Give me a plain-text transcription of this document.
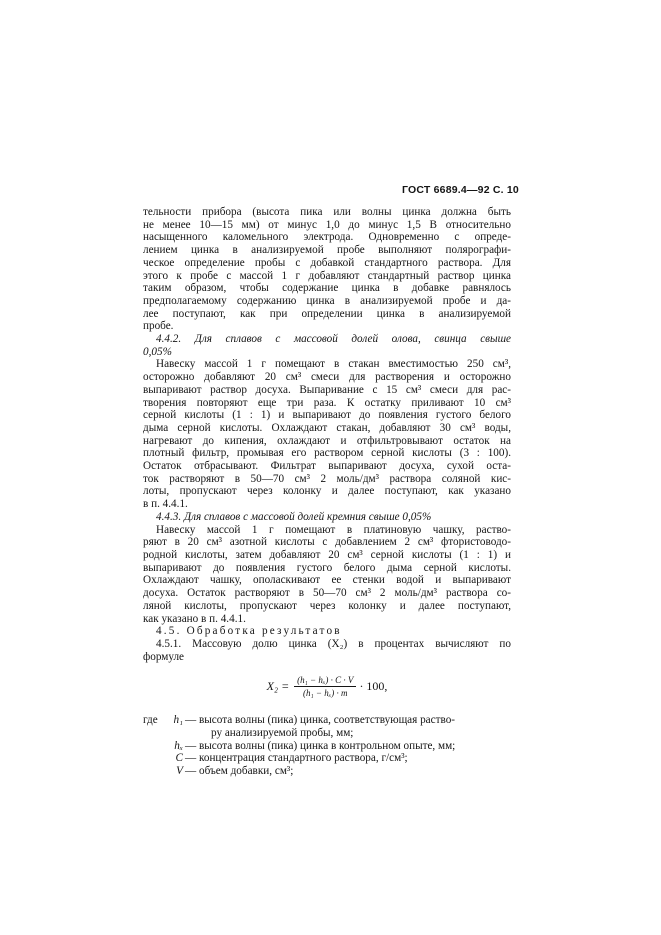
ГОСТ 6689.4—92 С. 10
тельности прибора (высота пика или волны цинка должна быть
не менее 10—15 мм) от минус 1,0 до минус 1,5 В относительно
насыщенного каломельного электрода. Одновременно с опреде-
лением цинка в анализируемой пробе выполняют полярографи-
ческое определение пробы с добавкой стандартного раствора. Для
этого к пробе с массой 1 г добавляют стандартный раствор цинка
таким образом, чтобы содержание цинка в добавке равнялось
предполагаемому содержанию цинка в анализируемой пробе и да-
лее поступают, как при определении цинка в анализируемой
пробе.
4.4.2. Для сплавов с массовой долей олова, свинца свыше
0,05%
Навеску массой 1 г помещают в стакан вместимостью 250 см³,
осторожно добавляют 20 см³ смеси для растворения и осторожно
выпаривают раствор досуха. Выпаривание с 15 см³ смеси для рас-
творения повторяют еще три раза. К остатку приливают 10 см³
серной кислоты (1 : 1) и выпаривают до появления густого белого
дыма серной кислоты. Охлаждают стакан, добавляют 30 см³ воды,
нагревают до кипения, охлаждают и отфильтровывают остаток на
плотный фильтр, промывая его раствором серной кислоты (3 : 100).
Остаток отбрасывают. Фильтрат выпаривают досуха, сухой оста-
ток растворяют в 50—70 см³ 2 моль/дм³ раствора соляной кис-
лоты, пропускают через колонку и далее поступают, как указано
в п. 4.4.1.
4.4.3. Для сплавов с массовой долей кремния свыше 0,05%
Навеску массой 1 г помещают в платиновую чашку, раство-
ряют в 20 см³ азотной кислоты с добавлением 2 см³ фтористоводо-
родной кислоты, затем добавляют 20 см³ серной кислоты (1 : 1) и
выпаривают до появления густого белого дыма серной кислоты.
Охлаждают чашку, ополаскивают ее стенки водой и выпаривают
досуха. Остаток растворяют в 50—70 см³ 2 моль/дм³ раствора со-
ляной кислоты, пропускают через колонку и далее поступают,
как указано в п. 4.4.1.
4.5. Обработка результатов
4.5.1. Массовую долю цинка (X₂) в процентах вычисляют по
формуле
$X_2 = \frac{\text{(h₁ − hₓ) · C · V}}{\text{(h₁ − hₓ) · m}} \cdot 100$,
где	h₁ — высота волны (пика) цинка, соответствующая раство-
ру анализируемой пробы, мм;
hₓ — высота волны (пика) цинка в контрольном опыте, мм;
C — концентрация стандартного раствора, г/см³;
V — объем добавки, см³;
